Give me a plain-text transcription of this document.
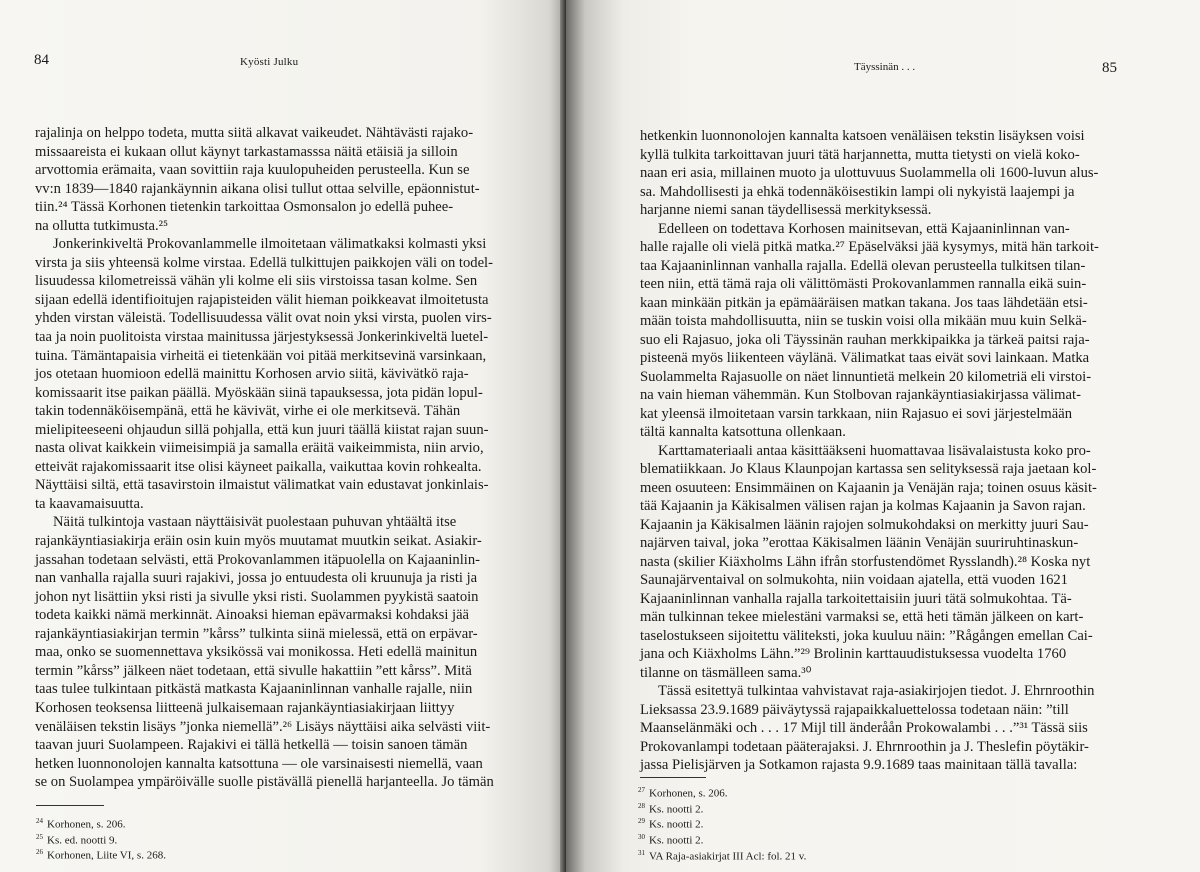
84	Kyösti Julku
rajalinja on helppo todeta, mutta siitä alkavat vaikeudet. Nähtävästi rajako-
missaareista ei kukaan ollut käynyt tarkastamasssa näitä etäisiä ja silloin
arvottomia erämaita, vaan sovittiin raja kuulopuheiden perusteella. Kun se
vv:n 1839—1840 rajankäynnin aikana olisi tullut ottaa selville, epäonnistut-
tiin.²⁴ Tässä Korhonen tietenkin tarkoittaa Osmonsalon jo edellä puhee-
na ollutta tutkimusta.²⁵
Jonkerinkiveltä Prokovanlammelle ilmoitetaan välimatkaksi kolmasti yksi
virsta ja siis yhteensä kolme virstaa. Edellä tulkittujen paikkojen väli on todel-
lisuudessa kilometreissä vähän yli kolme eli siis virstoissa tasan kolme. Sen
sijaan edellä identifioitujen rajapisteiden välit hieman poikkeavat ilmoitetusta
yhden virstan väleistä. Todellisuudessa välit ovat noin yksi virsta, puolen virs-
taa ja noin puolitoista virstaa mainitussa järjestyksessä Jonkerinkiveltä luetel-
tuina. Tämäntapaisia virheitä ei tietenkään voi pitää merkitsevinä varsinkaan,
jos otetaan huomioon edellä mainittu Korhosen arvio siitä, kävivätkö raja-
komissaarit itse paikan päällä. Myöskään siinä tapauksessa, jota pidän lopul-
takin todennäköisempänä, että he kävivät, virhe ei ole merkitsevä. Tähän
mielipiteeseeni ohjaudun sillä pohjalla, että kun juuri täällä kiistat rajan suun-
nasta olivat kaikkein viimeisimpiä ja samalla eräitä vaikeimmista, niin arvio,
etteivät rajakomissaarit itse olisi käyneet paikalla, vaikuttaa kovin rohkealta.
Näyttäisi siltä, että tasavirstoin ilmaistut välimatkat vain edustavat jonkinlais-
ta kaavamaisuutta.
Näitä tulkintoja vastaan näyttäisivät puolestaan puhuvan yhtäältä itse
rajankäyntiasiakirja eräin osin kuin myös muutamat muutkin seikat. Asiakir-
jassahan todetaan selvästi, että Prokovanlammen itäpuolella on Kajaaninlin-
nan vanhalla rajalla suuri rajakivi, jossa jo entuudesta oli kruunuja ja risti ja
johon nyt lisättiin yksi risti ja sivulle yksi risti. Suolammen pyykistä saatoin
todeta kaikki nämä merkinnät. Ainoaksi hieman epävarmaksi kohdaksi jää
rajankäyntiasiakirjan termin ”kårss” tulkinta siinä mielessä, että on erpävar-
maa, onko se suomennettava yksikössä vai monikossa. Heti edellä mainitun
termin ”kårss” jälkeen näet todetaan, että sivulle hakattiin ”ett kårss”. Mitä
taas tulee tulkintaan pitkästä matkasta Kajaaninlinnan vanhalle rajalle, niin
Korhosen teoksensa liitteenä julkaisemaan rajankäyntiasiakirjaan liittyy
venäläisen tekstin lisäys ”jonka niemellä”.²⁶ Lisäys näyttäisi aika selvästi viit-
taavan juuri Suolampeen. Rajakivi ei tällä hetkellä — toisin sanoen tämän
hetken luonnonolojen kannalta katsottuna — ole varsinaisesti niemellä, vaan
se on Suolampea ympäröivälle suolle pistävällä pienellä harjanteella. Jo tämän
$^{24}$ Korhonen, s. 206.
$^{25}$ Ks. ed. nootti 9.
$^{26}$ Korhonen, Liite VI, s. 268.
Täyssinän . . .	85
hetkenkin luonnonolojen kannalta katsoen venäläisen tekstin lisäyksen voisi
kyllä tulkita tarkoittavan juuri tätä harjannetta, mutta tietysti on vielä koko-
naan eri asia, millainen muoto ja ulottuvuus Suolammella oli 1600-luvun alus-
sa. Mahdollisesti ja ehkä todennäköisestikin lampi oli nykyistä laajempi ja
harjanne niemi sanan täydellisessä merkityksessä.
Edelleen on todettava Korhosen mainitsevan, että Kajaaninlinnan van-
halle rajalle oli vielä pitkä matka.²⁷ Epäselväksi jää kysymys, mitä hän tarkoit-
taa Kajaaninlinnan vanhalla rajalla. Edellä olevan perusteella tulkitsen tilan-
teen niin, että tämä raja oli välittömästi Prokovanlammen rannalla eikä suin-
kaan minkään pitkän ja epämääräisen matkan takana. Jos taas lähdetään etsi-
mään toista mahdollisuutta, niin se tuskin voisi olla mikään muu kuin Selkä-
suo eli Rajasuo, joka oli Täyssinän rauhan merkkipaikka ja tärkeä paitsi raja-
pisteenä myös liikenteen väylänä. Välimatkat taas eivät sovi lainkaan. Matka
Suolammelta Rajasuolle on näet linnuntietä melkein 20 kilometriä eli virstoi-
na vain hieman vähemmän. Kun Stolbovan rajankäyntiasiakirjassa välimat-
kat yleensä ilmoitetaan varsin tarkkaan, niin Rajasuo ei sovi järjestelmään
tältä kannalta katsottuna ollenkaan.
Karttamateriaali antaa käsittääkseni huomattavaa lisävalaistusta koko pro-
blematiikkaan. Jo Klaus Klaunpojan kartassa sen selityksessä raja jaetaan kol-
meen osuuteen: Ensimmäinen on Kajaanin ja Venäjän raja; toinen osuus käsit-
tää Kajaanin ja Käkisalmen välisen rajan ja kolmas Kajaanin ja Savon rajan.
Kajaanin ja Käkisalmen läänin rajojen solmukohdaksi on merkitty juuri Sau-
najärven taival, joka ”erottaa Käkisalmen läänin Venäjän suuriruhtinaskun-
nasta (skilier Kiäxholms Lähn ifrån storfustendömet Rysslandh).²⁸ Koska nyt
Saunajärventaival on solmukohta, niin voidaan ajatella, että vuoden 1621
Kajaaninlinnan vanhalla rajalla tarkoitettaisiin juuri tätä solmukohtaa. Tä-
män tulkinnan tekee mielestäni varmaksi se, että heti tämän jälkeen on kart-
taselostukseen sijoitettu väliteksti, joka kuuluu näin: ”Rågången emellan Cai-
jana och Kiäxholms Lähn.”²⁹ Brolinin karttauudistuksessa vuodelta 1760
tilanne on täsmälleen sama.³⁰
Tässä esitettyä tulkintaa vahvistavat raja-asiakirjojen tiedot. J. Ehrnroothin
Lieksassa 23.9.1689 päiväytyssä rajapaikkaluettelossa todetaan näin: ”till
Maanselänmäki och . . . 17 Mijl till änderåån Prokowalambi . . .”³¹ Tässä siis
Prokovanlampi todetaan pääterajaksi. J. Ehrnroothin ja J. Theslefin pöytäkir-
jassa Pielisjärven ja Sotkamon rajasta 9.9.1689 taas mainitaan tällä tavalla:
$^{27}$ Korhonen, s. 206.
$^{28}$ Ks. nootti 2.
$^{29}$ Ks. nootti 2.
$^{30}$ Ks. nootti 2.
$^{31}$ VA Raja-asiakirjat III Acl: fol. 21 v.
